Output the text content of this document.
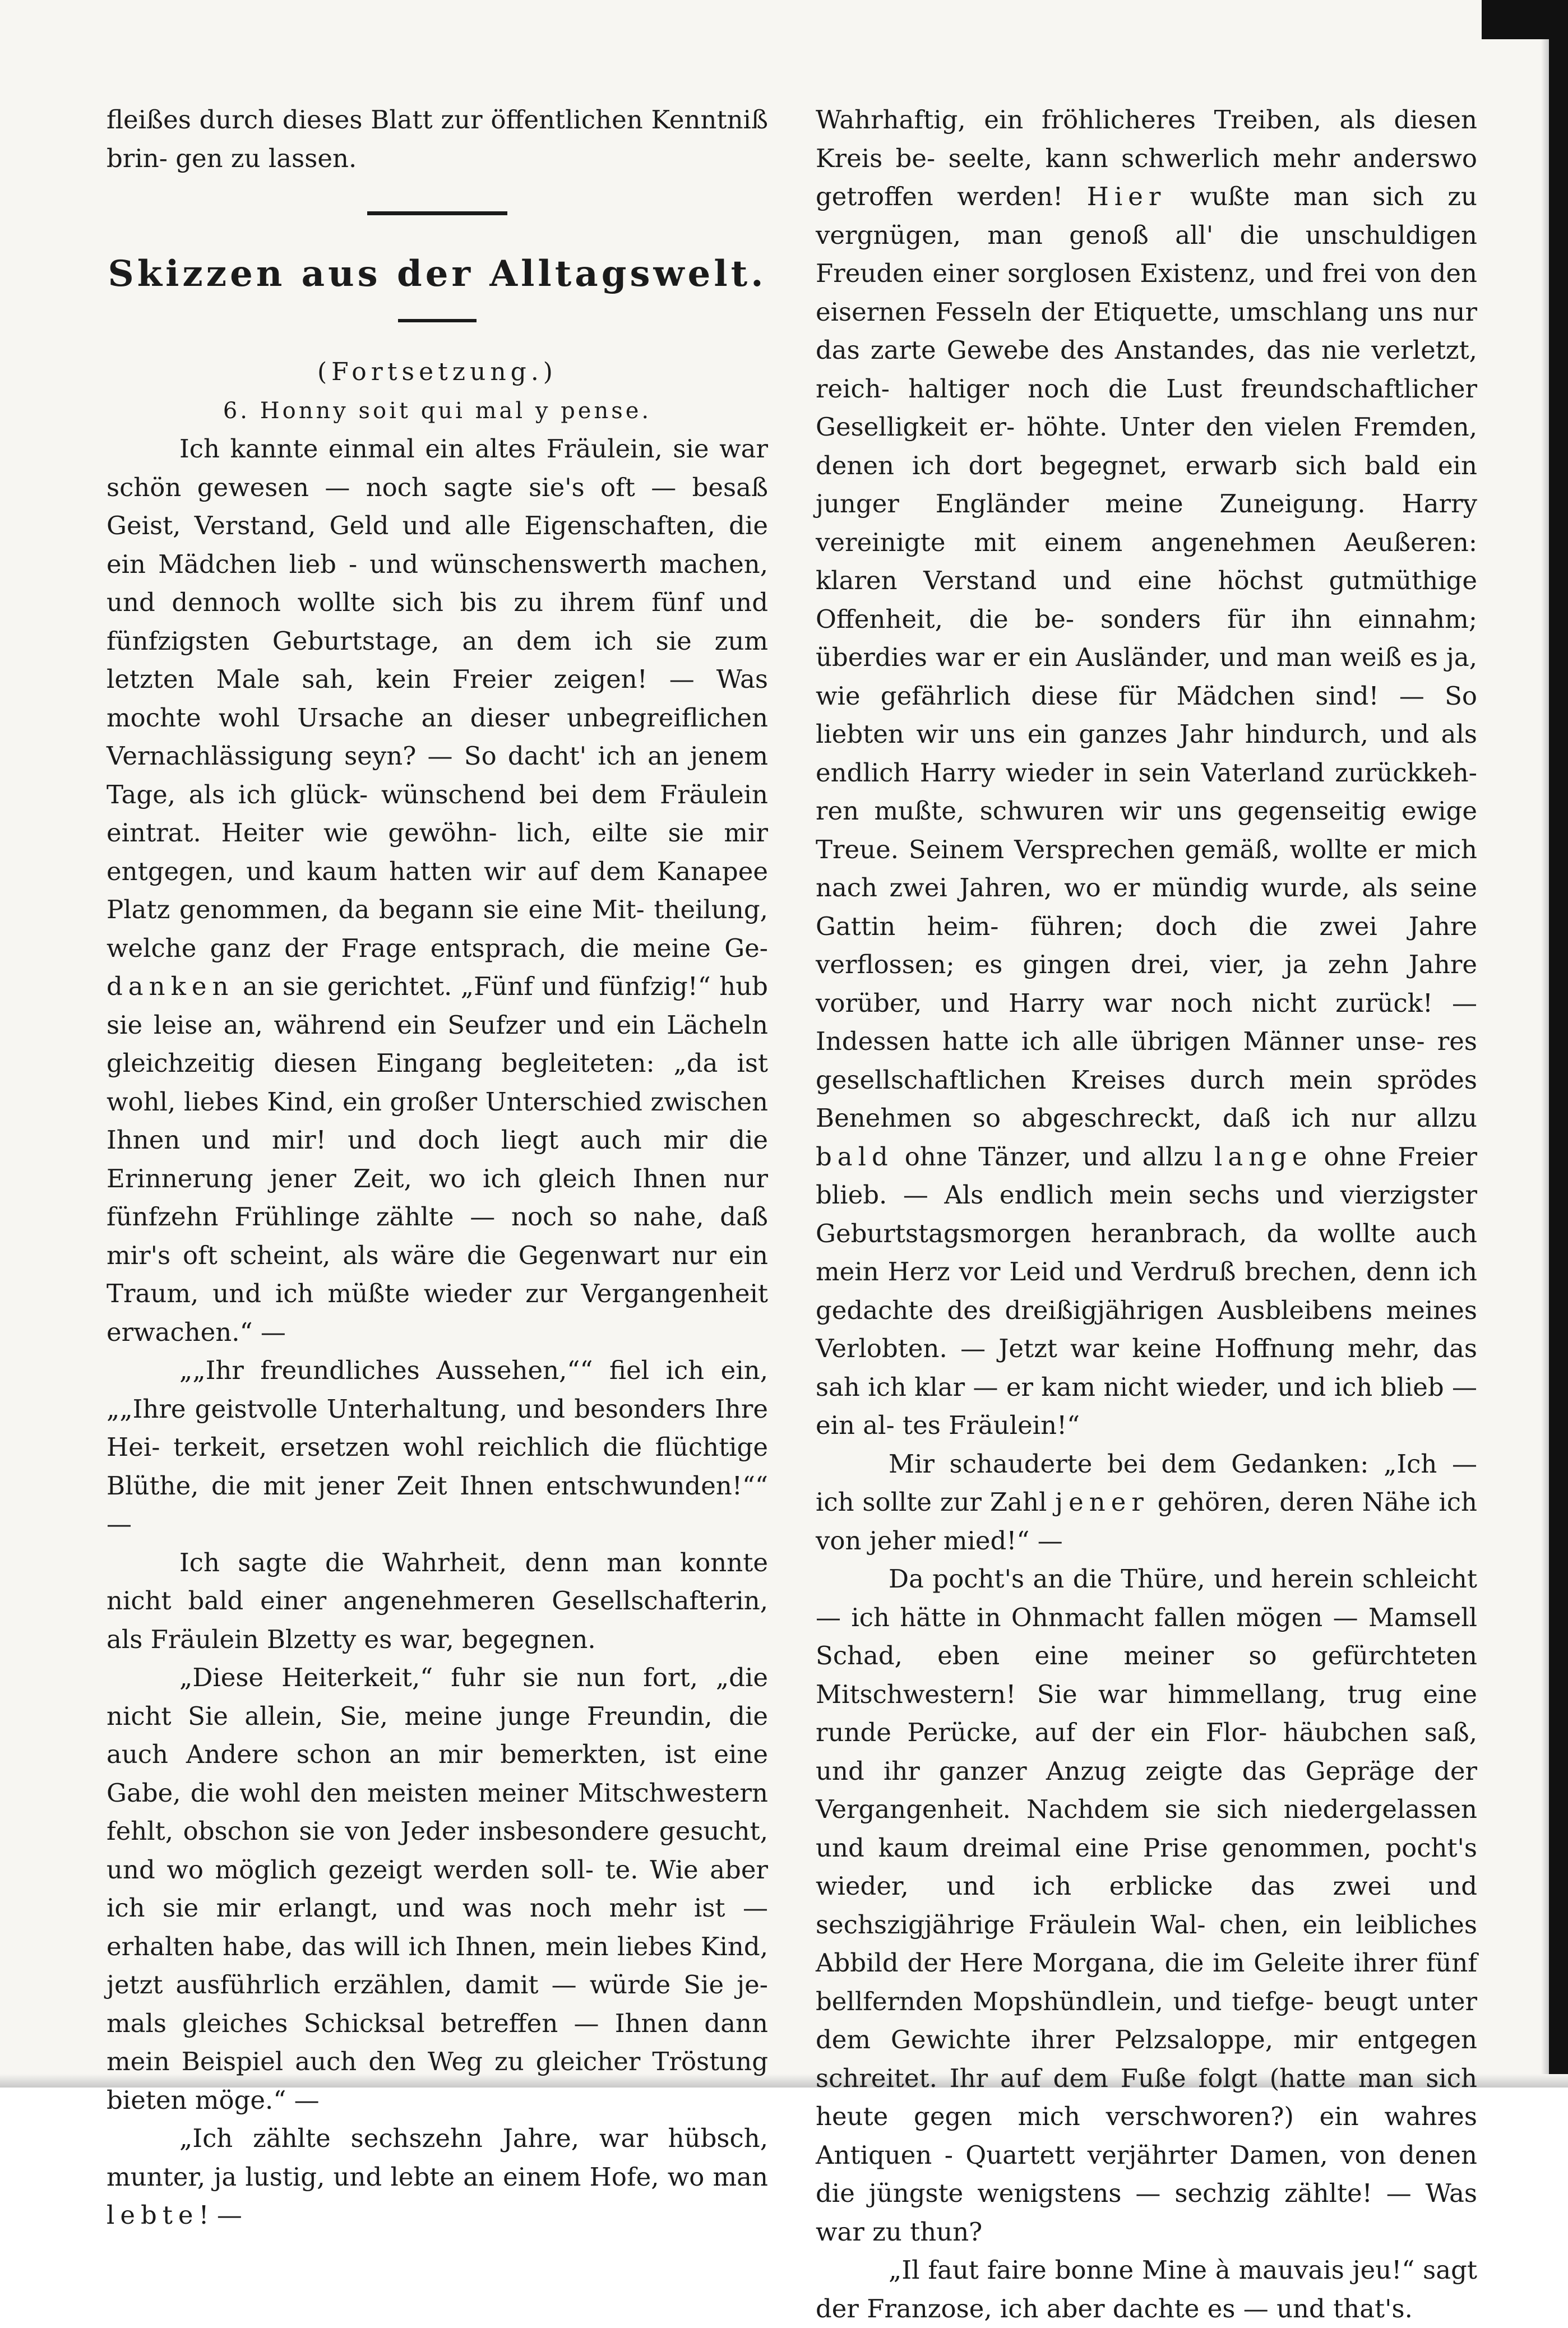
fleißes durch dieses Blatt zur öffentlichen Kenntniß brin- gen zu lassen.

Skizzen aus der Alltagswelt.

(Fortsetzung.)

6. Honny soit qui mal y pense.

Ich kannte einmal ein altes Fräulein, sie war schön gewesen — noch sagte sie's oft — besaß Geist, Verstand, Geld und alle Eigenschaften, die ein Mädchen lieb - und wünschenswerth machen, und dennoch wollte sich bis zu ihrem fünf und fünfzigsten Geburtstage, an dem ich sie zum letzten Male sah, kein Freier zeigen! — Was mochte wohl Ursache an dieser unbegreiflichen Vernachlässigung seyn? — So dacht' ich an jenem Tage, als ich glück- wünschend bei dem Fräulein eintrat. Heiter wie gewöhn- lich, eilte sie mir entgegen, und kaum hatten wir auf dem Kanapee Platz genommen, da begann sie eine Mit- theilung, welche ganz der Frage entsprach, die meine Ge- danken an sie gerichtet. „Fünf und fünfzig!“ hub sie leise an, während ein Seufzer und ein Lächeln gleichzeitig diesen Eingang begleiteten: „da ist wohl, liebes Kind, ein großer Unterschied zwischen Ihnen und mir! und doch liegt auch mir die Erinnerung jener Zeit, wo ich gleich Ihnen nur fünfzehn Frühlinge zählte — noch so nahe, daß mir's oft scheint, als wäre die Gegenwart nur ein Traum, und ich müßte wieder zur Vergangenheit erwachen.“ —

„„Ihr freundliches Aussehen,““ fiel ich ein, „„Ihre geistvolle Unterhaltung, und besonders Ihre Hei- terkeit, ersetzen wohl reichlich die flüchtige Blüthe, die mit jener Zeit Ihnen entschwunden!““ —

Ich sagte die Wahrheit, denn man konnte nicht bald einer angenehmeren Gesellschafterin, als Fräulein Blzetty es war, begegnen.

„Diese Heiterkeit,“ fuhr sie nun fort, „die nicht Sie allein, Sie, meine junge Freundin, die auch Andere schon an mir bemerkten, ist eine Gabe, die wohl den meisten meiner Mitschwestern fehlt, obschon sie von Jeder insbesondere gesucht, und wo möglich gezeigt werden soll- te. Wie aber ich sie mir erlangt, und was noch mehr ist — erhalten habe, das will ich Ihnen, mein liebes Kind, jetzt ausführlich erzählen, damit — würde Sie je- mals gleiches Schicksal betreffen — Ihnen dann mein Beispiel auch den Weg zu gleicher Tröstung bieten möge.“ —

„Ich zählte sechszehn Jahre, war hübsch, munter, ja lustig, und lebte an einem Hofe, wo man lebte! —

Wahrhaftig, ein fröhlicheres Treiben, als diesen Kreis be- seelte, kann schwerlich mehr anderswo getroffen werden! Hier wußte man sich zu vergnügen, man genoß all' die unschuldigen Freuden einer sorglosen Existenz, und frei von den eisernen Fesseln der Etiquette, umschlang uns nur das zarte Gewebe des Anstandes, das nie verletzt, reich- haltiger noch die Lust freundschaftlicher Geselligkeit er- höhte. Unter den vielen Fremden, denen ich dort begegnet, erwarb sich bald ein junger Engländer meine Zuneigung. Harry vereinigte mit einem angenehmen Aeußeren: klaren Verstand und eine höchst gutmüthige Offenheit, die be- sonders für ihn einnahm; überdies war er ein Ausländer, und man weiß es ja, wie gefährlich diese für Mädchen sind! — So liebten wir uns ein ganzes Jahr hindurch, und als endlich Harry wieder in sein Vaterland zurückkeh- ren mußte, schwuren wir uns gegenseitig ewige Treue. Seinem Versprechen gemäß, wollte er mich nach zwei Jahren, wo er mündig wurde, als seine Gattin heim- führen; doch die zwei Jahre verflossen; es gingen drei, vier, ja zehn Jahre vorüber, und Harry war noch nicht zurück! — Indessen hatte ich alle übrigen Männer unse- res gesellschaftlichen Kreises durch mein sprödes Benehmen so abgeschreckt, daß ich nur allzu bald ohne Tänzer, und allzu lange ohne Freier blieb. — Als endlich mein sechs und vierzigster Geburtstagsmorgen heranbrach, da wollte auch mein Herz vor Leid und Verdruß brechen, denn ich gedachte des dreißigjährigen Ausbleibens meines Verlobten. — Jetzt war keine Hoffnung mehr, das sah ich klar — er kam nicht wieder, und ich blieb — ein al- tes Fräulein!“

Mir schauderte bei dem Gedanken: „Ich — ich sollte zur Zahl jener gehören, deren Nähe ich von jeher mied!“ —

Da pocht's an die Thüre, und herein schleicht — ich hätte in Ohnmacht fallen mögen — Mamsell Schad, eben eine meiner so gefürchteten Mitschwestern! Sie war himmellang, trug eine runde Perücke, auf der ein Flor- häubchen saß, und ihr ganzer Anzug zeigte das Gepräge der Vergangenheit. Nachdem sie sich niedergelassen und kaum dreimal eine Prise genommen, pocht's wieder, und ich erblicke das zwei und sechszigjährige Fräulein Wal- chen, ein leibliches Abbild der Here Morgana, die im Geleite ihrer fünf bellfernden Mopshündlein, und tiefge- beugt unter dem Gewichte ihrer Pelzsaloppe, mir entgegen schreitet. Ihr auf dem Fuße folgt (hatte man sich heute gegen mich verschworen?) ein wahres Antiquen - Quartett verjährter Damen, von denen die jüngste wenigstens — sechzig zählte! — Was war zu thun?

„Il faut faire bonne Mine à mauvais jeu!“ sagt der Franzose, ich aber dachte es — und that's.
